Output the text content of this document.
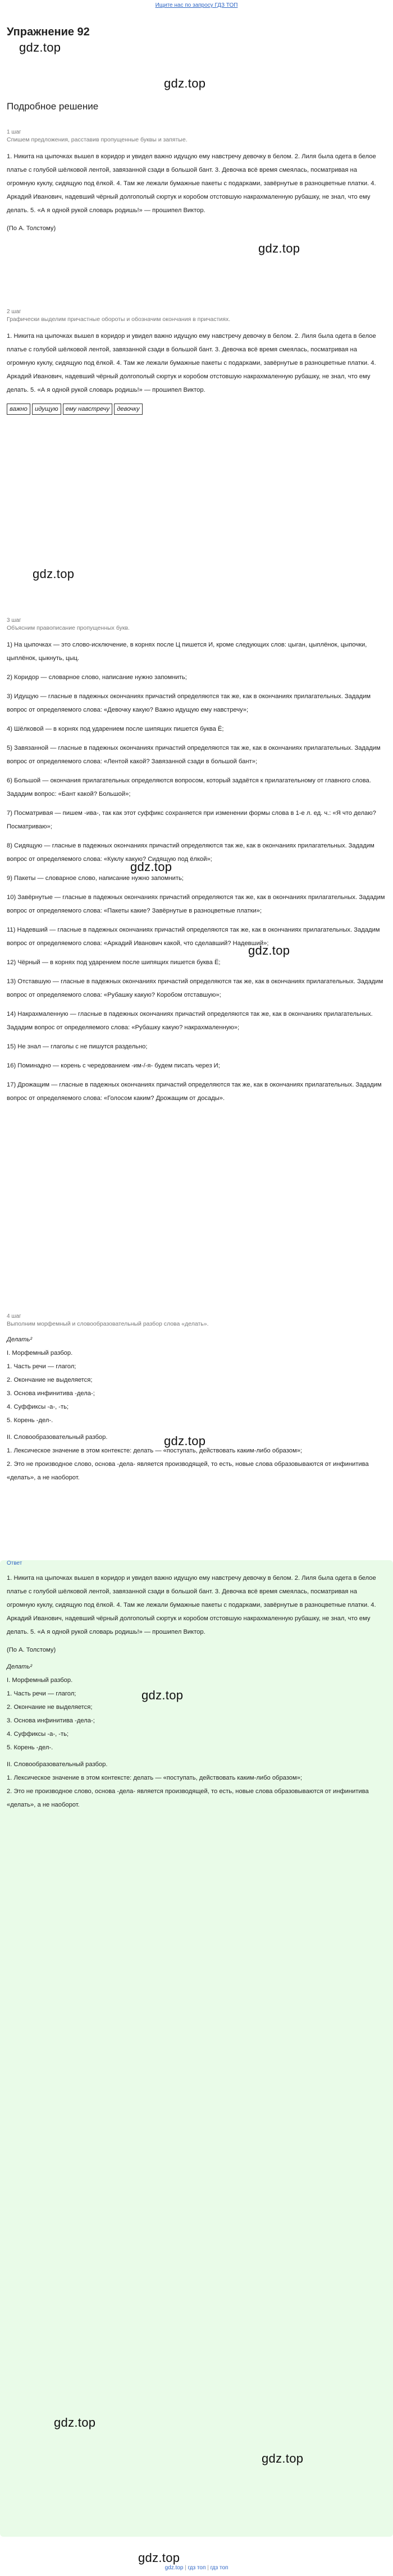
Ищите нас по запросу ГДЗ ТОП
Упражнение 92
gdz.top
Подробное решение
gdz.top
1 шаг
Спишем предложения, расставив пропущенные буквы и запятые.
1. Никита на цыпочках вышел в коридор и увидел важно идущую ему навстречу девочку в белом. 2. Лиля была одета в белое платье с голубой шёлковой лентой, завязанной сзади в большой бант. 3. Девочка всё время смеялась, посматривая на огромную куклу, сидящую под ёлкой. 4. Там же лежали бумажные пакеты с подарками, завёрнутые в разноцветные платки. 4. Аркадий Иванович, надевший чёрный долгополый сюртук и коробом отстовшую накрахмаленную рубашку, не знал, что ему делать. 5. «А я одной рукой словарь родишь!» — прошипел Виктор.
(По А. Толстому)
gdz.top
2 шаг
Графически выделим причастные обороты и обозначим окончания в причастиях.
1. Никита на цыпочках вышел в коридор и увидел важно идущую ему навстречу девочку в белом. 2. Лиля была одета в белое платье с голубой шёлковой лентой, завязанной сзади в большой бант. 3. Девочка всё время смеялась, посматривая на огромную куклу, сидящую под ёлкой. 4. Там же лежали бумажные пакеты с подарками, завёрнутые в разноцветные платки. 4. Аркадий Иванович, надевший чёрный долгополый сюртук и коробом отстовшую накрахмаленную рубашку, не знал, что ему делать. 5. «А я одной рукой словарь родишь!» — прошипел Виктор.
важно идущую ему навстречу девочку
gdz.top
3 шаг
Объясним правописание пропущенных букв.

1) На цыпочках — это слово-исключение, в корнях после Ц пишется И, кроме следующих слов: цыган, цыплёнок, цыпочки, цыплёнок, цыкнуть, цыц.

2) Коридор — словарное слово, написание нужно запомнить;

3) Идущую — гласные в падежных окончаниях причастий определяются так же, как в окончаниях прилагательных. Зададим вопрос от определяемого слова: «Девочку какую? Важно идущую ему навстречу»;

4) Шёлковой — в корнях под ударением после шипящих пишется буква Ё;

5) Завязанной — гласные в падежных окончаниях причастий определяются так же, как в окончаниях прилагательных. Зададим вопрос от определяемого слова: «Лентой какой? Завязанной сзади в большой бант»;

6) Большой — окончания прилагательных определяются вопросом, который задаётся к прилагательному от главного слова. Зададим вопрос: «Бант какой? Большой»;

7) Посматривая — пишем -ива-, так как этот суффикс сохраняется при изменении формы слова в 1-е л. ед. ч.: «Я что делаю? Посматриваю»;

8) Сидящую — гласные в падежных окончаниях причастий определяются так же, как в окончаниях прилагательных. Зададим вопрос от определяемого слова: «Куклу какую? Сидящую под ёлкой»;

9) Пакеты — словарное слово, написание нужно запомнить;

10) Завёрнутые — гласные в падежных окончаниях причастий определяются так же, как в окончаниях прилагательных. Зададим вопрос от определяемого слова: «Пакеты какие? Завёрнутые в разноцветные платки»;

11) Надевший — гласные в падежных окончаниях причастий определяются так же, как в окончаниях прилагательных. Зададим вопрос от определяемого слова: «Аркадий Иванович какой, что сделавший? Надевший»;

12) Чёрный — в корнях под ударением после шипящих пишется буква Ё;

13) Отставшую — гласные в падежных окончаниях причастий определяются так же, как в окончаниях прилагательных. Зададим вопрос от определяемого слова: «Рубашку какую? Коробом отставшую»;

14) Накрахмаленную — гласные в падежных окончаниях причастий определяются так же, как в окончаниях прилагательных. Зададим вопрос от определяемого слова: «Рубашку какую? накрахмаленную»;

15) Не знал — глаголы с не пишутся раздельно;

16) Поминадно — корень с чередованием -им-/-я- будем писать через И;

17) Дрожащим — гласные в падежных окончаниях причастий определяются так же, как в окончаниях прилагательных. Зададим вопрос от определяемого слова: «Голосом каким? Дрожащим от досады».

gdz.top
gdz.top
4 шаг
Выполним морфемный и словообразовательный разбор слова «делать».
Делать²
I. Морфемный разбор.
1. Часть речи — глагол;
2. Окончание не выделяется;
3. Основа инфинитива -дела-;
4. Суффиксы -а-, -ть;
5. Корень -дел-.
II. Словообразовательный разбор.
1. Лексическое значение в этом контексте: делать — «поступать, действовать каким-либо образом»;
2. Это не производное слово, основа -дела- является производящей, то есть, новые слова образовываются от инфинитива «делать», а не наоборот.
gdz.top
Ответ
1. Никита на цыпочках вышел в коридор и увидел важно идущую ему навстречу девочку в белом. 2. Лиля была одета в белое платье с голубой шёлковой лентой, завязанной сзади в большой бант. 3. Девочка всё время смеялась, посматривая на огромную куклу, сидящую под ёлкой. 4. Там же лежали бумажные пакеты с подарками, завёрнутые в разноцветные платки. 4. Аркадий Иванович, надевший чёрный долгополый сюртук и коробом отстовшую накрахмаленную рубашку, не знал, что ему делать. 5. «А я одной рукой словарь родишь!» — прошипел Виктор.
(По А. Толстому)
Делать²
I. Морфемный разбор.
1. Часть речи — глагол;
2. Окончание не выделяется;
3. Основа инфинитива -дела-;
4. Суффиксы -а-, -ть;
5. Корень -дел-.
II. Словообразовательный разбор.
1. Лексическое значение в этом контексте: делать — «поступать, действовать каким-либо образом»;
2. Это не производное слово, основа -дела- является производящей, то есть, новые слова образовываются от инфинитива «делать», а не наоборот.
gdz.top
gdz.top
gdz.top
gdz.top
gdz.top | гдз топ | гдз топ
